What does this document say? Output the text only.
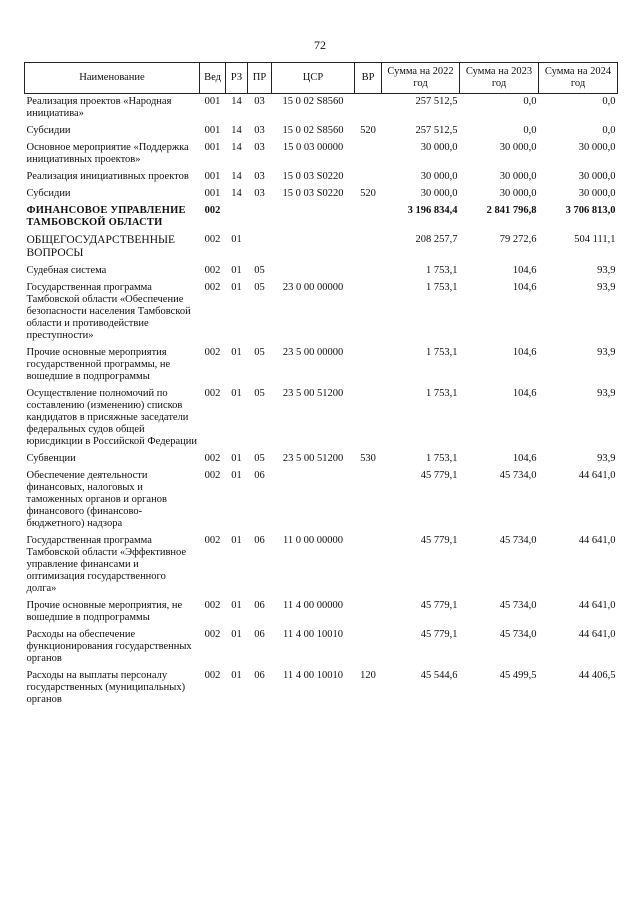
72
Наименование	Вед	РЗ	ПР	ЦСР	ВР	Сумма на 2022 год	Сумма на 2023 год	Сумма на 2024 год
Реализация проектов «Народная инициатива»	001	14	03	15 0 02 S8560		257 512,5	0,0	0,0
Субсидии	001	14	03	15 0 02 S8560	520	257 512,5	0,0	0,0
Основное мероприятие «Поддержка инициативных проектов»	001	14	03	15 0 03 00000		30 000,0	30 000,0	30 000,0
Реализация инициативных проектов	001	14	03	15 0 03 S0220		30 000,0	30 000,0	30 000,0
Субсидии	001	14	03	15 0 03 S0220	520	30 000,0	30 000,0	30 000,0
ФИНАНСОВОЕ УПРАВЛЕНИЕ ТАМБОВСКОЙ ОБЛАСТИ	002					3 196 834,4	2 841 796,8	3 706 813,0
ОБЩЕГОСУДАРСТВЕННЫЕ ВОПРОСЫ	002	01				208 257,7	79 272,6	504 111,1
Судебная система	002	01	05			1 753,1	104,6	93,9
Государственная программа Тамбовской области «Обеспечение безопасности населения Тамбовской области и противодействие преступности»	002	01	05	23 0 00 00000		1 753,1	104,6	93,9
Прочие основные мероприятия государственной программы, не вошедшие в подпрограммы	002	01	05	23 5 00 00000		1 753,1	104,6	93,9
Осуществление полномочий по составлению (изменению) списков кандидатов в присяжные заседатели федеральных судов общей юрисдикции в Российской Федерации	002	01	05	23 5 00 51200		1 753,1	104,6	93,9
Субвенции	002	01	05	23 5 00 51200	530	1 753,1	104,6	93,9
Обеспечение деятельности финансовых, налоговых и таможенных органов и органов финансового (финансово-бюджетного) надзора	002	01	06			45 779,1	45 734,0	44 641,0
Государственная программа Тамбовской области «Эффективное управление финансами и оптимизация государственного долга»	002	01	06	11 0 00 00000		45 779,1	45 734,0	44 641,0
Прочие основные мероприятия, не вошедшие в подпрограммы	002	01	06	11 4 00 00000		45 779,1	45 734,0	44 641,0
Расходы на обеспечение функционирования государственных органов	002	01	06	11 4 00 10010		45 779,1	45 734,0	44 641,0
Расходы на выплаты персоналу государственных (муниципальных) органов	002	01	06	11 4 00 10010	120	45 544,6	45 499,5	44 406,5
